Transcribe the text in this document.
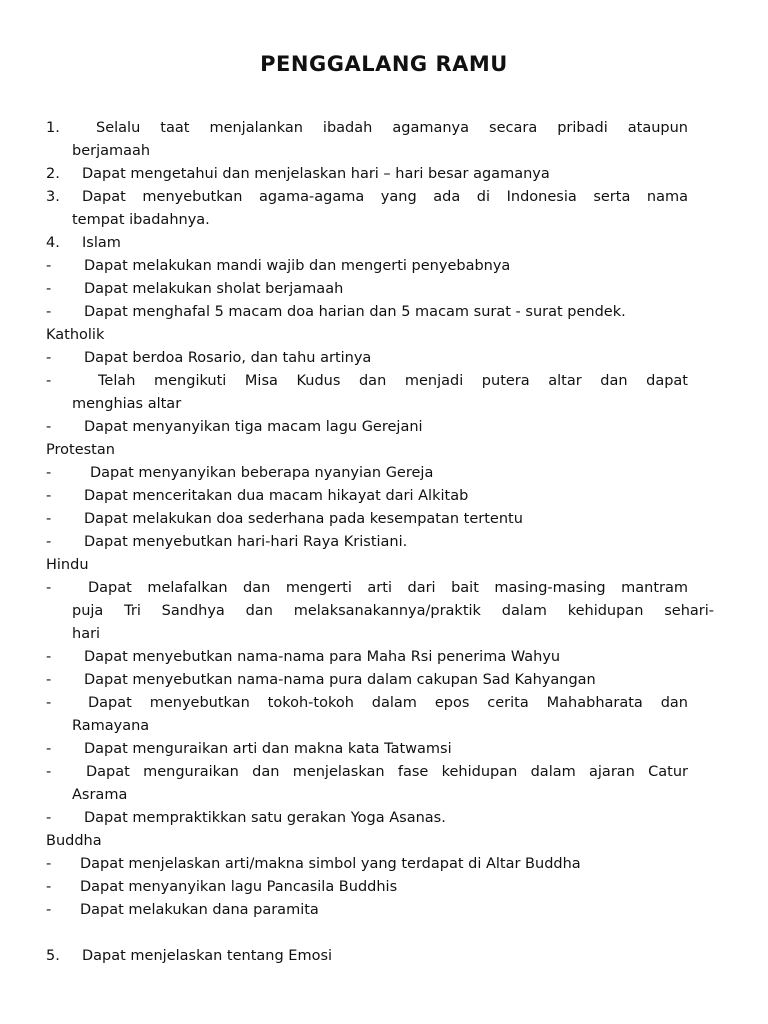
PENGGALANG RAMU
1. Selalu taat menjalankan ibadah agamanya secara pribadi ataupun
berjamaah
2. Dapat mengetahui dan menjelaskan hari – hari besar agamanya
3. Dapat menyebutkan agama-agama yang ada di Indonesia serta nama
tempat ibadahnya.
4. Islam
- Dapat melakukan mandi wajib dan mengerti penyebabnya
- Dapat melakukan sholat berjamaah
- Dapat menghafal 5 macam doa harian dan 5 macam surat - surat pendek.
Katholik
- Dapat berdoa Rosario, dan tahu artinya
-	Telah mengikuti Misa Kudus dan menjadi putera altar dan dapat
menghias altar
- Dapat menyanyikan tiga macam lagu Gerejani
Protestan
-	Dapat menyanyikan beberapa nyanyian Gereja
- Dapat menceritakan dua macam hikayat dari Alkitab
- Dapat melakukan doa sederhana pada kesempatan tertentu
- Dapat menyebutkan hari-hari Raya Kristiani.
Hindu
-	Dapat melafalkan dan mengerti arti dari bait masing-masing mantram
puja Tri Sandhya dan melaksanakannya/praktik dalam kehidupan sehari-
hari
- Dapat menyebutkan nama-nama para Maha Rsi penerima Wahyu
- Dapat menyebutkan nama-nama pura dalam cakupan Sad Kahyangan
-	Dapat menyebutkan tokoh-tokoh dalam epos cerita Mahabharata dan
Ramayana
- Dapat menguraikan arti dan makna kata Tatwamsi
- Dapat menguraikan dan menjelaskan fase kehidupan dalam ajaran Catur
Asrama
- Dapat mempraktikkan satu gerakan Yoga Asanas.
Buddha
- Dapat menjelaskan arti/makna simbol yang terdapat di Altar Buddha
- Dapat menyanyikan lagu Pancasila Buddhis
- Dapat melakukan dana paramita
5. Dapat menjelaskan tentang Emosi
